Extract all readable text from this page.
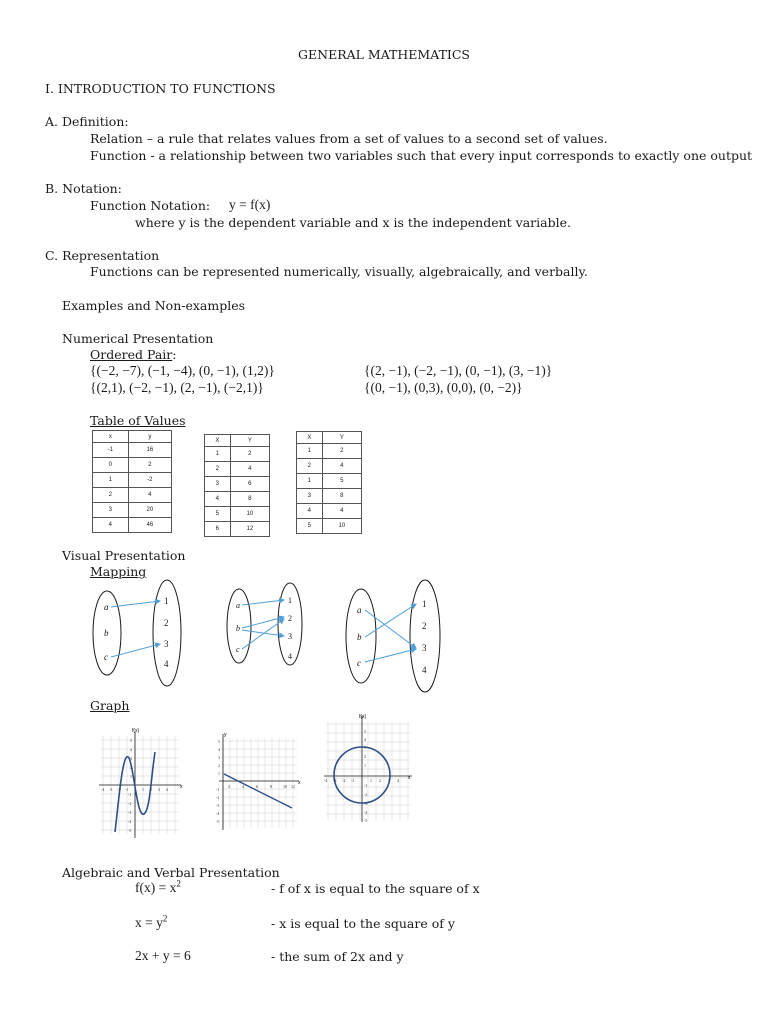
GENERAL MATHEMATICS
I. INTRODUCTION TO FUNCTIONS
A. Definition:
Relation – a rule that relates values from a set of values to a second set of values.
Function - a relationship between two variables such that every input corresponds to exactly one output
B. Notation:
Function Notation: y = f(x)
where y is the dependent variable and x is the independent variable.
C. Representation
Functions can be represented numerically, visually, algebraically, and verbally.
Examples and Non-examples
Numerical Presentation
Ordered Pair:
{(−2, −7), (−1, −4), (0, −1), (1,2)}	{(2, −1), (−2, −1), (0, −1), (3, −1)}
{(2,1), (−2, −1), (2, −1), (−2,1)}	{(0, −1), (0,3), (0,0), (0, −2)}
Table of Values
x	y
-1	16
0	2
1	-2
2	4
3	20
4	46
X	Y
1	2
2	4
3	6
4	8
5	10
6	12
X	Y
1	2
2	4
1	5
3	8
4	4
5	10
Visual Presentation
Mapping
a
b
c
1
2
3
4
a
b
c
1
2
3
4
a
b
c
1
2
3
4
Graph
f(x)
x
-4 -3 -2 -1	1 2 3 4
5
4
3
2
1
-1
-2
-3
-4
-5
y
x
2	4	6	8	10 12
5
4
3
2
1
-1
-2
-3
-4
-5
f(x)
x
-4 -3 -2 -1	1 2 3 4
5
4
3
2
1
-1
-2
-3
-4
-5
Algebraic and Verbal Presentation
$f(x) = x^2$	- f of x is equal to the square of x
$x = y^2$	- x is equal to the square of y
2x + y = 6	- the sum of 2x and y
